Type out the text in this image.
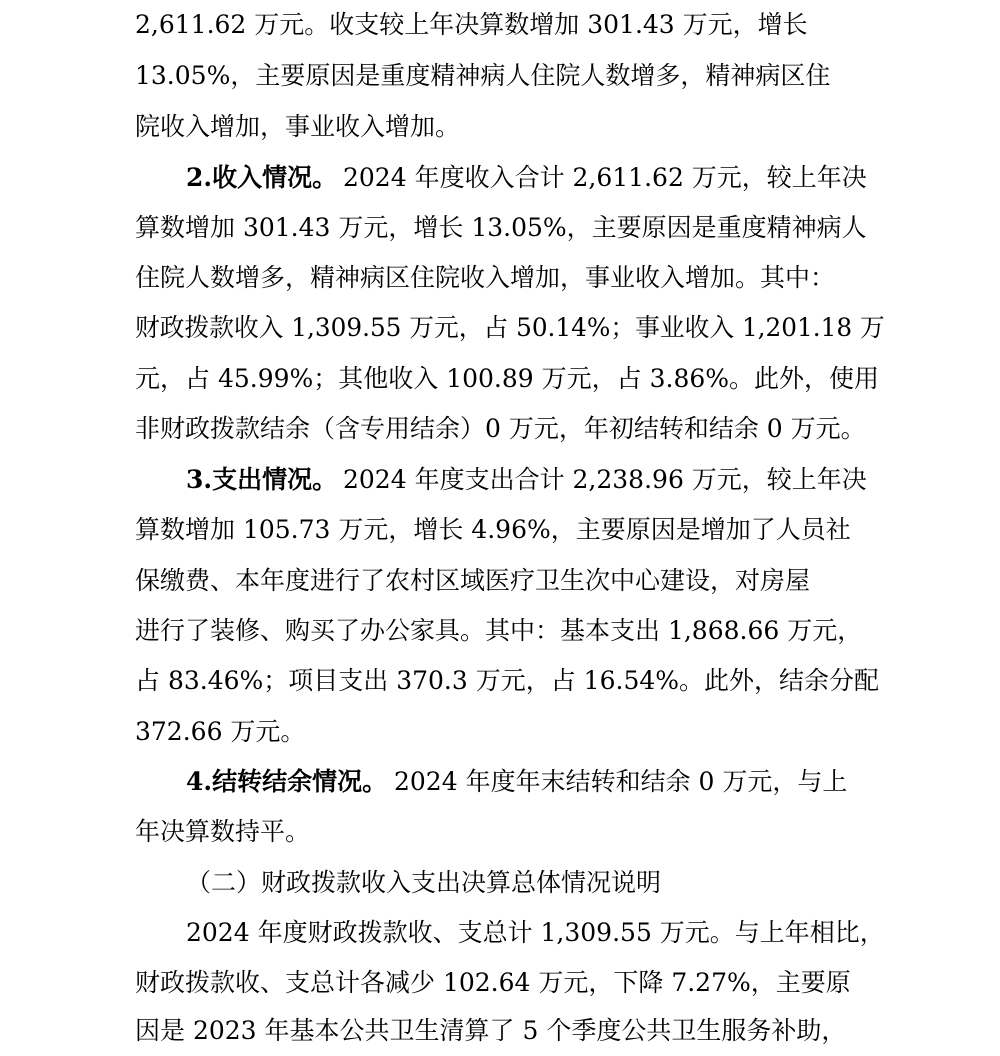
2,611.62 万元。收支较上年决算数增加 301.43 万元，增长
13.05%，主要原因是重度精神病人住院人数增多，精神病区住
院收入增加，事业收入增加。
2.收入情况。 2024 年度收入合计 2,611.62 万元，较上年决
算数增加 301.43 万元，增长 13.05%，主要原因是重度精神病人
住院人数增多，精神病区住院收入增加，事业收入增加。其中：
财政拨款收入 1,309.55 万元，占 50.14%；事业收入 1,201.18 万
元，占 45.99%；其他收入 100.89 万元，占 3.86%。此外，使用
非财政拨款结余（含专用结余）0 万元，年初结转和结余 0 万元。
3.支出情况。 2024 年度支出合计 2,238.96 万元，较上年决
算数增加 105.73 万元，增长 4.96%，主要原因是增加了人员社
保缴费、本年度进行了农村区域医疗卫生次中心建设，对房屋
进行了装修、购买了办公家具。其中：基本支出 1,868.66 万元，
占 83.46%；项目支出 370.3 万元，占 16.54%。此外，结余分配
372.66 万元。
4.结转结余情况。 2024 年度年末结转和结余 0 万元，与上
年决算数持平。
（二）财政拨款收入支出决算总体情况说明
2024 年度财政拨款收、支总计 1,309.55 万元。与上年相比，
财政拨款收、支总计各减少 102.64 万元，下降 7.27%，主要原
因是 2023 年基本公共卫生清算了 5 个季度公共卫生服务补助，
